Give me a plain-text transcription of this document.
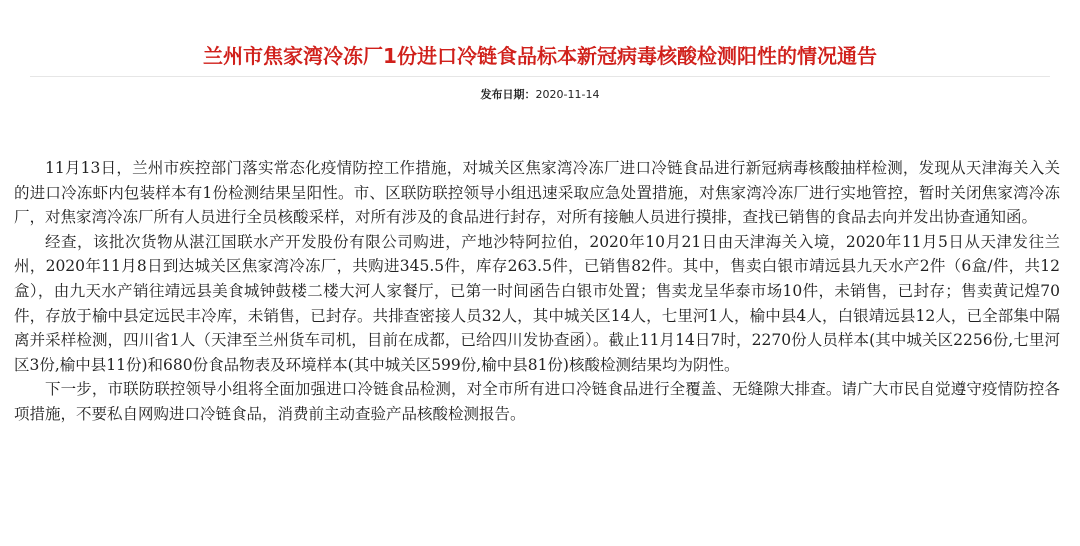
兰州市焦家湾冷冻厂1份进口冷链食品标本新冠病毒核酸检测阳性的情况通告
发布日期：2020-11-14

11月13日，兰州市疾控部门落实常态化疫情防控工作措施，对城关区焦家湾冷冻厂进口冷链食品进行新冠病毒核酸抽样检测，发现从天津海关入关的进口冷冻虾内包装样本有1份检测结果呈阳性。市、区联防联控领导小组迅速采取应急处置措施，对焦家湾冷冻厂进行实地管控，暂时关闭焦家湾冷冻厂，对焦家湾冷冻厂所有人员进行全员核酸采样，对所有涉及的食品进行封存，对所有接触人员进行摸排，查找已销售的食品去向并发出协查通知函。

经查，该批次货物从湛江国联水产开发股份有限公司购进，产地沙特阿拉伯，2020年10月21日由天津海关入境，2020年11月5日从天津发往兰州，2020年11月8日到达城关区焦家湾冷冻厂，共购进345.5件，库存263.5件，已销售82件。其中，售卖白银市靖远县九天水产2件（6盒/件，共12盒），由九天水产销往靖远县美食城钟鼓楼二楼大河人家餐厅，已第一时间函告白银市处置；售卖龙呈华泰市场10件，未销售，已封存；售卖黄记煌70件，存放于榆中县定远民丰冷库，未销售，已封存。共排查密接人员32人，其中城关区14人，七里河1人，榆中县4人，白银靖远县12人，已全部集中隔离并采样检测，四川省1人（天津至兰州货车司机，目前在成都，已给四川发协查函）。截止11月14日7时，2270份人员样本(其中城关区2256份,七里河区3份,榆中县11份)和680份食品物表及环境样本(其中城关区599份,榆中县81份)核酸检测结果均为阴性。

下一步，市联防联控领导小组将全面加强进口冷链食品检测，对全市所有进口冷链食品进行全覆盖、无缝隙大排查。请广大市民自觉遵守疫情防控各项措施，不要私自网购进口冷链食品，消费前主动查验产品核酸检测报告。
